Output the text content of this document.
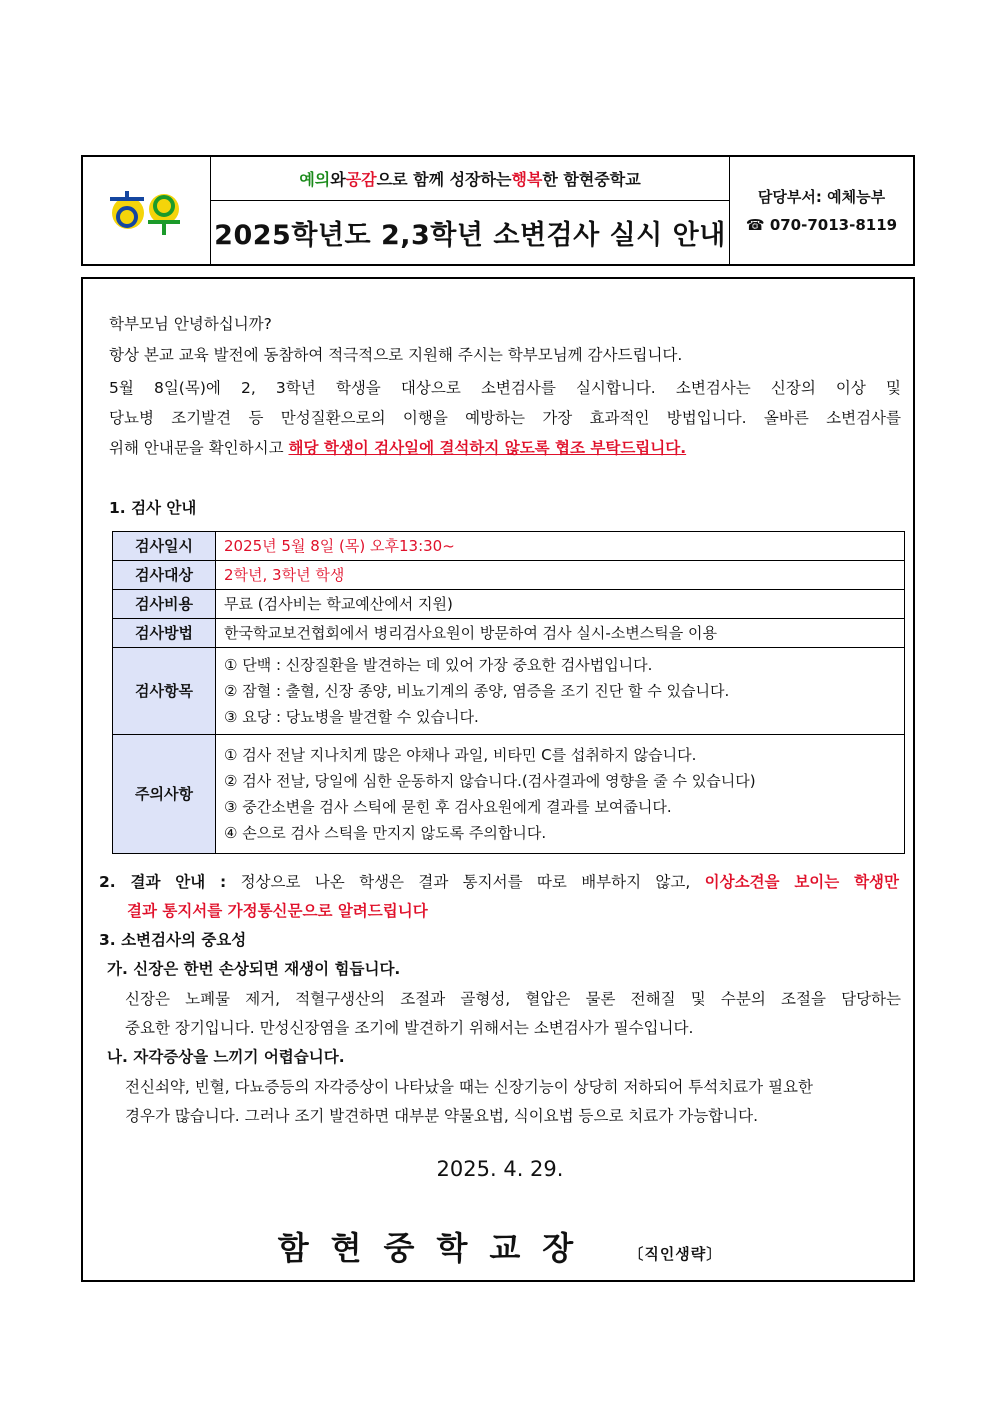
예의 와 공감 으로 함께 성장하는 행복 한 함현중학교
2025학년도 2,3학년 소변검사 실시 안내
담당부서: 예체능부
☎ 070-7013-8119
학부모님 안녕하십니까?
항상 본교 교육 발전에 동참하여 적극적으로 지원해 주시는 학부모님께 감사드립니다.
5월 8일(목)에 2, 3학년 학생을 대상으로 소변검사를 실시합니다. 소변검사는 신장의 이상 및
당뇨병 조기발견 등 만성질환으로의 이행을 예방하는 가장 효과적인 방법입니다. 올바른 소변검사를
위해 안내문을 확인하시고 해당 학생이 검사일에 결석하지 않도록 협조 부탁드립니다.
1. 검사 안내
검사일시	2025년 5월 8일 (목) 오후13:30~
검사대상	2학년, 3학년 학생
검사비용	무료 (검사비는 학교예산에서 지원)
검사방법	한국학교보건협회에서 병리검사요원이 방문하여 검사 실시-소변스틱을 이용
검사항목	① 단백 : 신장질환을 발견하는 데 있어 가장 중요한 검사법입니다.
② 잠혈 : 출혈, 신장 종양, 비뇨기계의 종양, 염증을 조기 진단 할 수 있습니다.
③ 요당 : 당뇨병을 발견할 수 있습니다.

주의사항	① 검사 전날 지나치게 많은 야채나 과일, 비타민 C를 섭취하지 않습니다.
② 검사 전날, 당일에 심한 운동하지 않습니다.(검사결과에 영향을 줄 수 있습니다)
③ 중간소변을 검사 스틱에 묻힌 후 검사요원에게 결과를 보여줍니다.
④ 손으로 검사 스틱을 만지지 않도록 주의합니다.
2. 결과 안내 : 정상으로 나온 학생은 결과 통지서를 따로 배부하지 않고, 이상소견을 보이는 학생만
결과 통지서를 가정통신문으로 알려드립니다
3. 소변검사의 중요성
가. 신장은 한번 손상되면 재생이 힘듭니다.
신장은 노폐물 제거, 적혈구생산의 조절과 골형성, 혈압은 물론 전해질 및 수분의 조절을 담당하는
중요한 장기입니다. 만성신장염을 조기에 발견하기 위해서는 소변검사가 필수입니다.
나. 자각증상을 느끼기 어렵습니다.
전신쇠약, 빈혈, 다뇨증등의 자각증상이 나타났을 때는 신장기능이 상당히 저하되어 투석치료가 필요한
경우가 많습니다. 그러나 조기 발견하면 대부분 약물요법, 식이요법 등으로 치료가 가능합니다.
2025. 4. 29.
함현중학교장 〔직인생략〕
